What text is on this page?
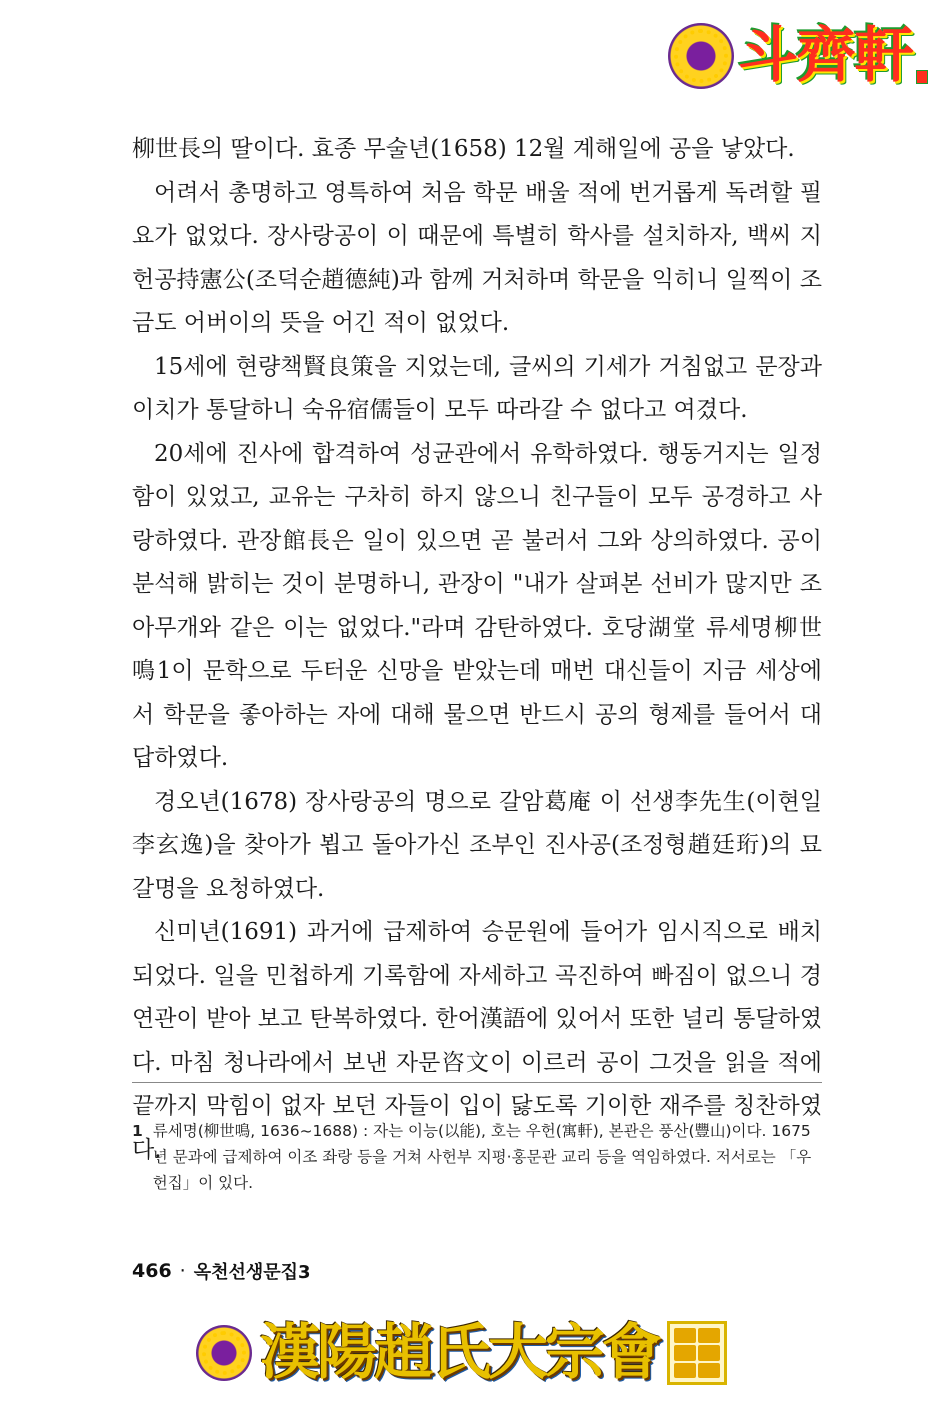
斗齊軒

柳世長의 딸이다. 효종 무술년(1658) 12월 계해일에 공을 낳았다.

어려서 총명하고 영특하여 처음 학문 배울 적에 번거롭게 독려할 필요가 없었다. 장사랑공이 이 때문에 특별히 학사를 설치하자, 백씨 지헌공持憲公(조덕순趙德純)과 함께 거처하며 학문을 익히니 일찍이 조금도 어버이의 뜻을 어긴 적이 없었다.

15세에 현량책賢良策을 지었는데, 글씨의 기세가 거침없고 문장과 이치가 통달하니 숙유宿儒들이 모두 따라갈 수 없다고 여겼다.

20세에 진사에 합격하여 성균관에서 유학하였다. 행동거지는 일정함이 있었고, 교유는 구차히 하지 않으니 친구들이 모두 공경하고 사랑하였다. 관장館長은 일이 있으면 곧 불러서 그와 상의하였다. 공이 분석해 밝히는 것이 분명하니, 관장이 "내가 살펴본 선비가 많지만 조 아무개와 같은 이는 없었다."라며 감탄하였다. 호당湖堂 류세명柳世鳴1이 문학으로 두터운 신망을 받았는데 매번 대신들이 지금 세상에서 학문을 좋아하는 자에 대해 물으면 반드시 공의 형제를 들어서 대답하였다.

경오년(1678) 장사랑공의 명으로 갈암葛庵 이 선생李先生(이현일李玄逸)을 찾아가 뵙고 돌아가신 조부인 진사공(조정형趙廷珩)의 묘갈명을 요청하였다.

신미년(1691) 과거에 급제하여 승문원에 들어가 임시직으로 배치되었다. 일을 민첩하게 기록함에 자세하고 곡진하여 빠짐이 없으니 경연관이 받아 보고 탄복하였다. 한어漢語에 있어서 또한 널리 통달하였다. 마침 청나라에서 보낸 자문咨文이 이르러 공이 그것을 읽을 적에 끝까지 막힘이 없자 보던 자들이 입이 닳도록 기이한 재주를 칭찬하였다.

1 류세명(柳世鳴, 1636~1688) : 자는 이능(以能), 호는 우헌(寓軒), 본관은 풍산(豐山)이다. 1675년 문과에 급제하여 이조 좌랑 등을 거쳐 사헌부 지평·홍문관 교리 등을 역임하였다. 저서로는 「우헌집」이 있다.
466 · 옥천선생문집3
漢陽趙氏大宗會
